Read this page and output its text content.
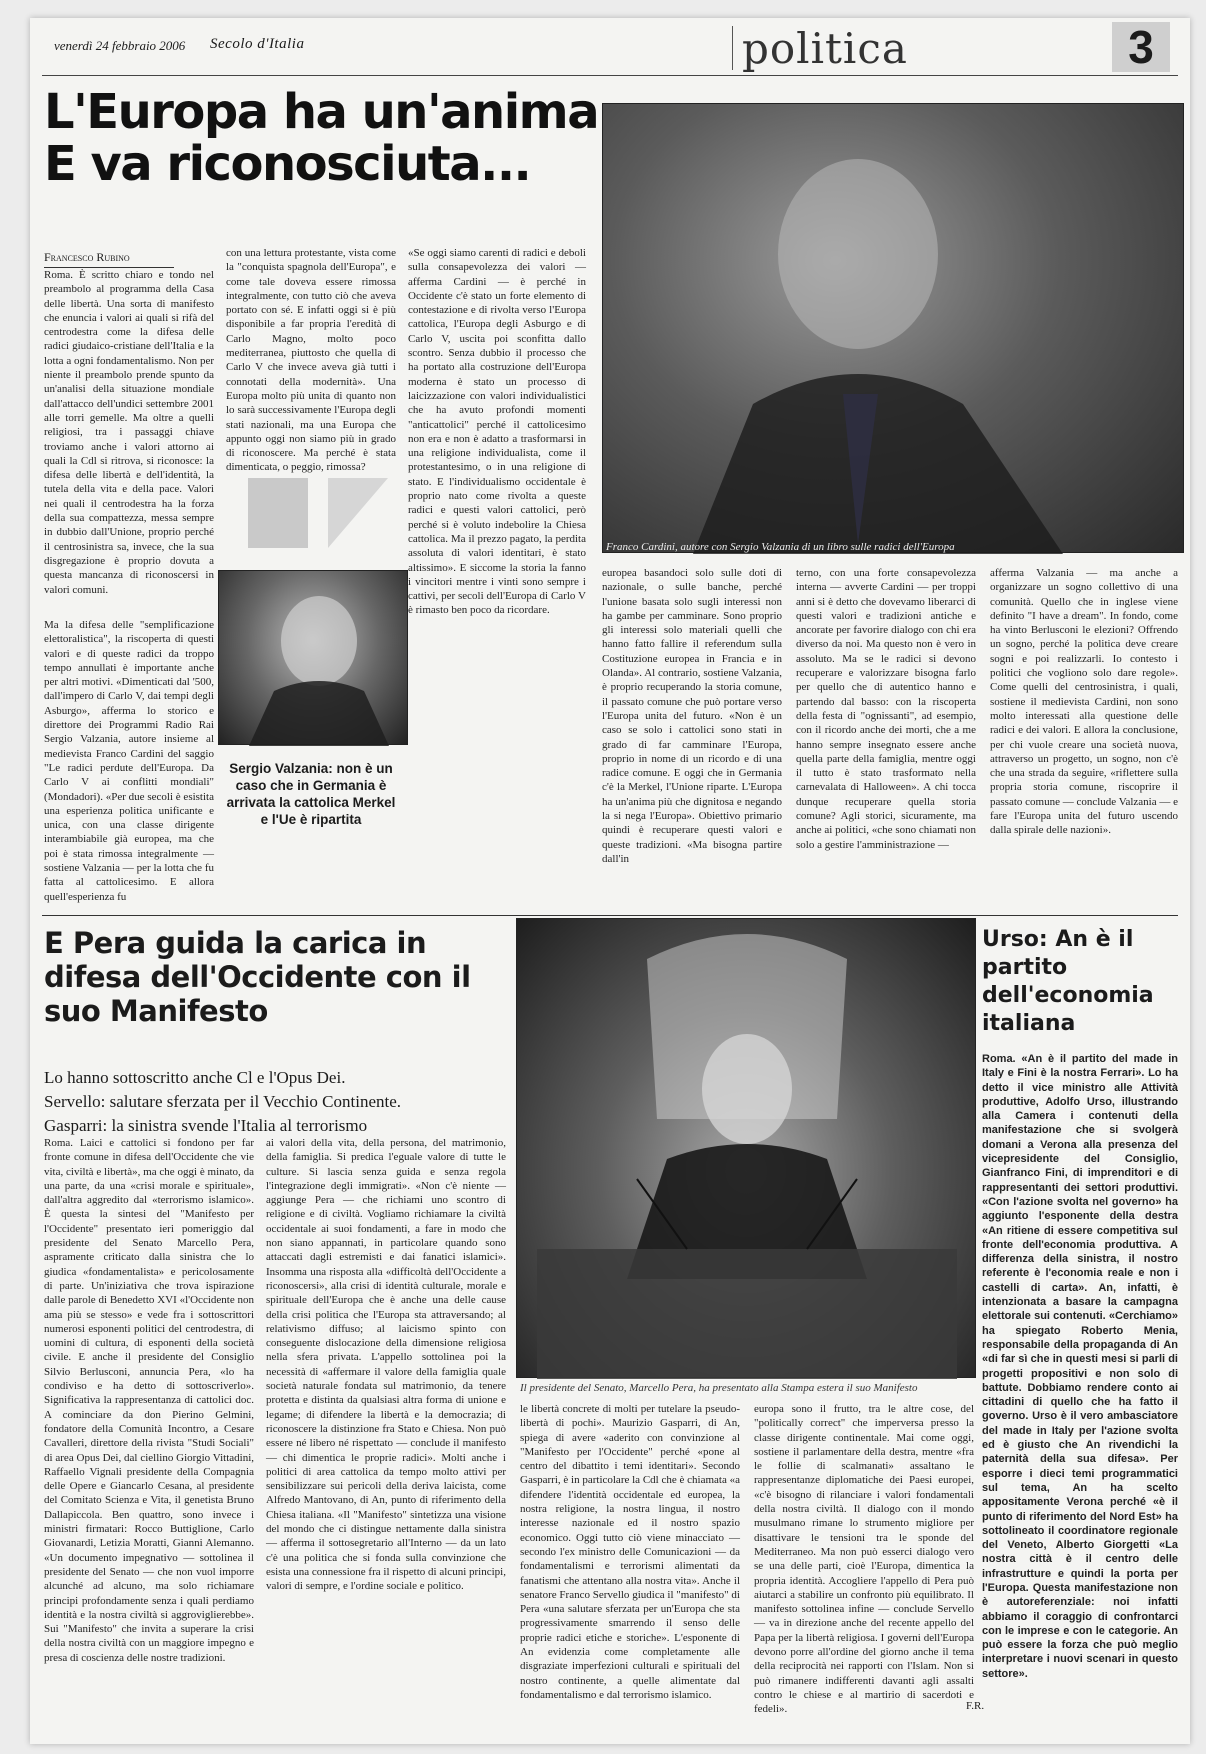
venerdì 24 febbraio 2006 Secolo d'Italia	politica	3
L'Europa ha un'anima E va riconosciuta...
Francesco Rubino
Franco Cardini, autore con Sergio Valzania di un libro sulle radici dell'Europa
Roma. È scritto chiaro e tondo nel preambolo al programma della Casa delle libertà. Una sorta di manifesto che enuncia i valori ai quali si rifà del centrodestra come la difesa delle radici giudaico-cristiane dell'Italia e la lotta a ogni fondamentalismo. Non per niente il preambolo prende spunto da un'analisi della situazione mondiale dall'attacco dell'undici settembre 2001 alle torri gemelle. Ma oltre a quelli religiosi, tra i passaggi chiave troviamo anche i valori attorno ai quali la Cdl si ritrova, si riconosce: la difesa delle libertà e dell'identità, la tutela della vita e della pace. Valori nei quali il centrodestra ha la forza della sua compattezza, messa sempre in dubbio dall'Unione, proprio perché il centrosinistra sa, invece, che la sua disgregazione è proprio dovuta a questa mancanza di riconoscersi in valori comuni.
con una lettura protestante, vista come la "conquista spagnola dell'Europa", e come tale doveva essere rimossa integralmente, con tutto ciò che aveva portato con sé. E infatti oggi si è più disponibile a far propria l'eredità di Carlo Magno, molto poco mediterranea, piuttosto che quella di Carlo V che invece aveva già tutti i connotati della modernità». Una Europa molto più unita di quanto non lo sarà successivamente l'Europa degli stati nazionali, ma una Europa che appunto oggi non siamo più in grado di riconoscere. Ma perché è stata dimenticata, o peggio, rimossa?
Ma la difesa delle "semplificazione elettoralistica", la riscoperta di questi valori e di queste radici da troppo tempo annullati è importante anche per altri motivi. «Dimenticati dal '500, dall'impero di Carlo V, dai tempi degli Asburgo», afferma lo storico e direttore dei Programmi Radio Rai Sergio Valzania, autore insieme al medievista Franco Cardini del saggio "Le radici perdute dell'Europa. Da Carlo V ai conflitti mondiali" (Mondadori). «Per due secoli è esistita una esperienza politica unificante e unica, con una classe dirigente interambiabile già europea, ma che poi è stata rimossa integralmente — sostiene Valzania — per la lotta che fu fatta al cattolicesimo. E allora quell'esperienza fu
Sergio Valzania: non è un caso che in Germania è arrivata la cattolica Merkel e l'Ue è ripartita
«Se oggi siamo carenti di radici e deboli sulla consapevolezza dei valori — afferma Cardini — è perché in Occidente c'è stato un forte elemento di contestazione e di rivolta verso l'Europa cattolica, l'Europa degli Asburgo e di Carlo V, uscita poi sconfitta dallo scontro. Senza dubbio il processo che ha portato alla costruzione dell'Europa moderna è stato un processo di laicizzazione con valori individualistici che ha avuto profondi momenti "anticattolici" perché il cattolicesimo non era e non è adatto a trasformarsi in una religione individualista, come il protestantesimo, o in una religione di stato. E l'individualismo occidentale è proprio nato come rivolta a queste radici e questi valori cattolici, però perché si è voluto indebolire la Chiesa cattolica. Ma il prezzo pagato, la perdita assoluta di valori identitari, è stato altissimo». E siccome la storia la fanno i vincitori mentre i vinti sono sempre i cattivi, per secoli dell'Europa di Carlo V è rimasto ben poco da ricordare.
europea basandoci solo sulle doti di nazionale, o sulle banche, perché l'unione basata solo sugli interessi non ha gambe per camminare. Sono proprio gli interessi solo materiali quelli che hanno fatto fallire il referendum sulla Costituzione europea in Francia e in Olanda». Al contrario, sostiene Valzania, è proprio recuperando la storia comune, il passato comune che può portare verso l'Europa unita del futuro. «Non è un caso se solo i cattolici sono stati in grado di far camminare l'Europa, proprio in nome di un ricordo e di una radice comune. E oggi che in Germania c'è la Merkel, l'Unione riparte. L'Europa ha un'anima più che dignitosa e negando la si nega l'Europa». Obiettivo primario quindi è recuperare questi valori e queste tradizioni. «Ma bisogna partire dall'in
terno, con una forte consapevolezza interna — avverte Cardini — per troppi anni si è detto che dovevamo liberarci di questi valori e tradizioni antiche e ancorate per favorire dialogo con chi era diverso da noi. Ma questo non è vero in assoluto. Ma se le radici si devono recuperare e valorizzare bisogna farlo per quello che di autentico hanno e partendo dal basso: con la riscoperta della festa di "ognissanti", ad esempio, con il ricordo anche dei morti, che a me hanno sempre insegnato essere anche quella parte della famiglia, mentre oggi il tutto è stato trasformato nella carnevalata di Halloween». A chi tocca dunque recuperare quella storia comune? Agli storici, sicuramente, ma anche ai politici, «che sono chiamati non solo a gestire l'amministrazione —
afferma Valzania — ma anche a organizzare un sogno collettivo di una comunità. Quello che in inglese viene definito "I have a dream". In fondo, come ha vinto Berlusconi le elezioni? Offrendo un sogno, perché la politica deve creare sogni e poi realizzarli. Io contesto i politici che vogliono solo dare regole». Come quelli del centrosinistra, i quali, sostiene il medievista Cardini, non sono molto interessati alla questione delle radici e dei valori. E allora la conclusione, per chi vuole creare una società nuova, attraverso un progetto, un sogno, non c'è che una strada da seguire, «riflettere sulla propria storia comune, riscoprire il passato comune — conclude Valzania — e fare l'Europa unita del futuro uscendo dalla spirale delle nazioni».
E Pera guida la carica in difesa dell'Occidente con il suo Manifesto
Lo hanno sottoscritto anche Cl e l'Opus Dei.
Servello: salutare sferzata per il Vecchio Continente.
Gasparri: la sinistra svende l'Italia al terrorismo
Il presidente del Senato, Marcello Pera, ha presentato alla Stampa estera il suo Manifesto
Roma. Laici e cattolici si fondono per far fronte comune in difesa dell'Occidente che vie vita, civiltà e libertà», ma che oggi è minato, da una parte, da una «crisi morale e spirituale», dall'altra aggredito dal «terrorismo islamico». È questa la sintesi del "Manifesto per l'Occidente" presentato ieri pomeriggio dal presidente del Senato Marcello Pera, aspramente criticato dalla sinistra che lo giudica «fondamentalista» e pericolosamente di parte. Un'iniziativa che trova ispirazione dalle parole di Benedetto XVI «l'Occidente non ama più se stesso» e vede fra i sottoscrittori numerosi esponenti politici del centrodestra, di uomini di cultura, di esponenti della società civile. E anche il presidente del Consiglio Silvio Berlusconi, annuncia Pera, «lo ha condiviso e ha detto di sottoscriverlo». Significativa la rappresentanza di cattolici doc. A cominciare da don Pierino Gelmini, fondatore della Comunità Incontro, a Cesare Cavalleri, direttore della rivista "Studi Sociali" di area Opus Dei, dal ciellino Giorgio Vittadini, Raffaello Vignali presidente della Compagnia delle Opere e Giancarlo Cesana, al presidente del Comitato Scienza e Vita, il genetista Bruno Dallapiccola. Ben quattro, sono invece i ministri firmatari: Rocco Buttiglione, Carlo Giovanardi, Letizia Moratti, Gianni Alemanno. «Un documento impegnativo — sottolinea il presidente del Senato — che non vuol imporre alcunché ad alcuno, ma solo richiamare principi profondamente senza i quali perdiamo identità e la nostra civiltà si aggroviglierebbe». Sui "Manifesto" che invita a superare la crisi della nostra civiltà con un maggiore impegno e presa di coscienza delle nostre tradizioni.
ai valori della vita, della persona, del matrimonio, della famiglia. Si predica l'eguale valore di tutte le culture. Si lascia senza guida e senza regola l'integrazione degli immigrati». «Non c'è niente — aggiunge Pera — che richiami uno scontro di religione e di civiltà. Vogliamo richiamare la civiltà occidentale ai suoi fondamenti, a fare in modo che non siano appannati, in particolare quando sono attaccati dagli estremisti e dai fanatici islamici». Insomma una risposta alla «difficoltà dell'Occidente a riconoscersi», alla crisi di identità culturale, morale e spirituale dell'Europa che è anche una delle cause della crisi politica che l'Europa sta attraversando; al relativismo diffuso; al laicismo spinto con conseguente dislocazione della dimensione religiosa nella sfera privata. L'appello sottolinea poi la necessità di «affermare il valore della famiglia quale società naturale fondata sul matrimonio, da tenere protetta e distinta da qualsiasi altra forma di unione e legame; di difendere la libertà e la democrazia; di riconoscere la distinzione fra Stato e Chiesa. Non può essere né libero né rispettato — conclude il manifesto — chi dimentica le proprie radici». Molti anche i politici di area cattolica da tempo molto attivi per sensibilizzare sui pericoli della deriva laicista, come Alfredo Mantovano, di An, punto di riferimento della Chiesa italiana. «Il "Manifesto" sintetizza una visione del mondo che ci distingue nettamente dalla sinistra — afferma il sottosegretario all'Interno — da un lato c'è una politica che si fonda sulla convinzione che esista una connessione fra il rispetto di alcuni principi, valori di sempre, e l'ordine sociale e politico.
le libertà concrete di molti per tutelare la pseudo-libertà di pochi». Maurizio Gasparri, di An, spiega di avere «aderito con convinzione al "Manifesto per l'Occidente" perché «pone al centro del dibattito i temi identitari». Secondo Gasparri, è in particolare la Cdl che è chiamata «a difendere l'identità occidentale ed europea, la nostra religione, la nostra lingua, il nostro interesse nazionale ed il nostro spazio economico. Oggi tutto ciò viene minacciato — secondo l'ex ministro delle Comunicazioni — da fondamentalismi e terrorismi alimentati da fanatismi che attentano alla nostra vita». Anche il senatore Franco Servello giudica il "manifesto" di Pera «una salutare sferzata per un'Europa che sta progressivamente smarrendo il senso delle proprie radici etiche e storiche». L'esponente di An evidenzia come completamente alle disgraziate imperfezioni culturali e spirituali del nostro continente, a quelle alimentate dal fondamentalismo e dal terrorismo islamico.
europa sono il frutto, tra le altre cose, del "politically correct" che imperversa presso la classe dirigente continentale. Mai come oggi, sostiene il parlamentare della destra, mentre «fra le follie di scalmanati» assaltano le rappresentanze diplomatiche dei Paesi europei, «c'è bisogno di rilanciare i valori fondamentali della nostra civiltà. Il dialogo con il mondo musulmano rimane lo strumento migliore per disattivare le tensioni tra le sponde del Mediterraneo. Ma non può esserci dialogo vero se una delle parti, cioè l'Europa, dimentica la propria identità. Accogliere l'appello di Pera può aiutarci a stabilire un confronto più equilibrato. Il manifesto sottolinea infine — conclude Servello — va in direzione anche del recente appello del Papa per la libertà religiosa. I governi dell'Europa devono porre all'ordine del giorno anche il tema della reciprocità nei rapporti con l'Islam. Non si può rimanere indifferenti davanti agli assalti contro le chiese e al martirio di sacerdoti e fedeli».	F.R.
Urso: An è il partito dell'economia italiana
Roma. «An è il partito del made in Italy e Fini è la nostra Ferrari». Lo ha detto il vice ministro alle Attività produttive, Adolfo Urso, illustrando alla Camera i contenuti della manifestazione che si svolgerà domani a Verona alla presenza del vicepresidente del Consiglio, Gianfranco Fini, di imprenditori e di rappresentanti dei settori produttivi. «Con l'azione svolta nel governo» ha aggiunto l'esponente della destra «An ritiene di essere competitiva sul fronte dell'economia produttiva. A differenza della sinistra, il nostro referente è l'economia reale e non i castelli di carta». An, infatti, è intenzionata a basare la campagna elettorale sui contenuti. «Cerchiamo» ha spiegato Roberto Menia, responsabile della propaganda di An «di far sì che in questi mesi si parli di progetti propositivi e non solo di battute. Dobbiamo rendere conto ai cittadini di quello che ha fatto il governo. Urso è il vero ambasciatore del made in Italy per l'azione svolta ed è giusto che An rivendichi la paternità della sua difesa». Per esporre i dieci temi programmatici sul tema, An ha scelto appositamente Verona perché «è il punto di riferimento del Nord Est» ha sottolineato il coordinatore regionale del Veneto, Alberto Giorgetti «La nostra città è il centro delle infrastrutture e quindi la porta per l'Europa. Questa manifestazione non è autoreferenziale: noi infatti abbiamo il coraggio di confrontarci con le imprese e con le categorie. An può essere la forza che può meglio interpretare i nuovi scenari in questo settore».
